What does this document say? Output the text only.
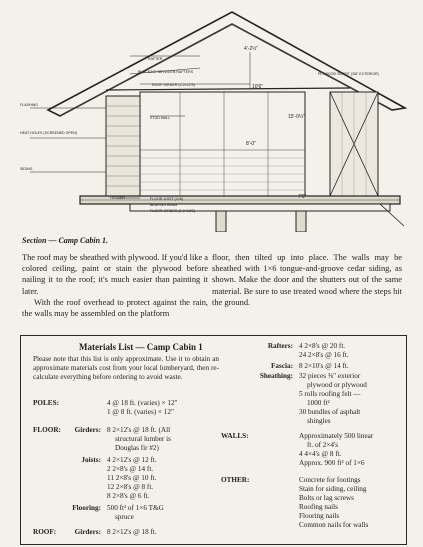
RAFTER
BLOCKING BETWEEN RAFTERS
ROOF GIRDER (2-2×12'S)
STUD WALL
FLASHING
HEAT HOLES (SCREENED OPEN)
SIDING
HEADER	FLOOR JOIST (2×8)
BEARING BEAM
FLOOR GIRDER (2-2×12'S)
PLYWOOD SOFFIT (3/8" EXTERIOR)
4'-2½"
10'6"
15'-0¼"
8'-0"
7'6"
Section — Camp Cabin 1.

The roof may be sheathed with plywood. If you'd like a colored ceiling, paint or stain the plywood before nailing it to the roof; it's much easier than painting it later.

With the roof overhead to protect against the rain, the walls may be assembled on the platform

floor, then tilted up into place. The walls may be sheathed with 1×6 tongue-and-groove cedar siding, as shown. Make the door and the shutters out of the same material. Be sure to use treated wood where the steps hit the ground.

Materials List — Camp Cabin 1

Please note that this list is only approximate. Use it to obtain an approximate materials cost from your local lumberyard, then re-calculate everything before ordering to avoid waste.

POLES:	4 @ 18 ft. (varies) × 12"
1 @ 8 ft. (varies) × 12"
FLOOR:	Girders: 8 2×12's @ 18 ft. (All
structural lumber is
Douglas fir #2)
Joists: 4 2×12's @ 12 ft.
2 2×8's @ 14 ft.
11 2×8's @ 10 ft.
12 2×8's @ 8 ft.
8 2×8's @ 6 ft.
Flooring: 500 ft² of 1×6 T&G
spruce
ROOF:	Girders: 8 2×12's @ 18 ft.
Rafters: 4 2×8's @ 20 ft.
24 2×8's @ 16 ft.
Fascia: 8 2×10's @ 14 ft.
Sheathing: 32 pieces ⅜" exterior
plywood or plywood
5 rolls roofing felt —
1000 ft²
30 bundles of asphalt
shingles
WALLS:	Approximately 500 linear
ft. of 2×4's
4 4×4's @ 8 ft.
Approx. 900 ft² of 1×6
OTHER:	Concrete for footings
Stain for siding, ceiling
Bolts or lag screws
Roofing nails
Flooring nails
Common nails for walls
